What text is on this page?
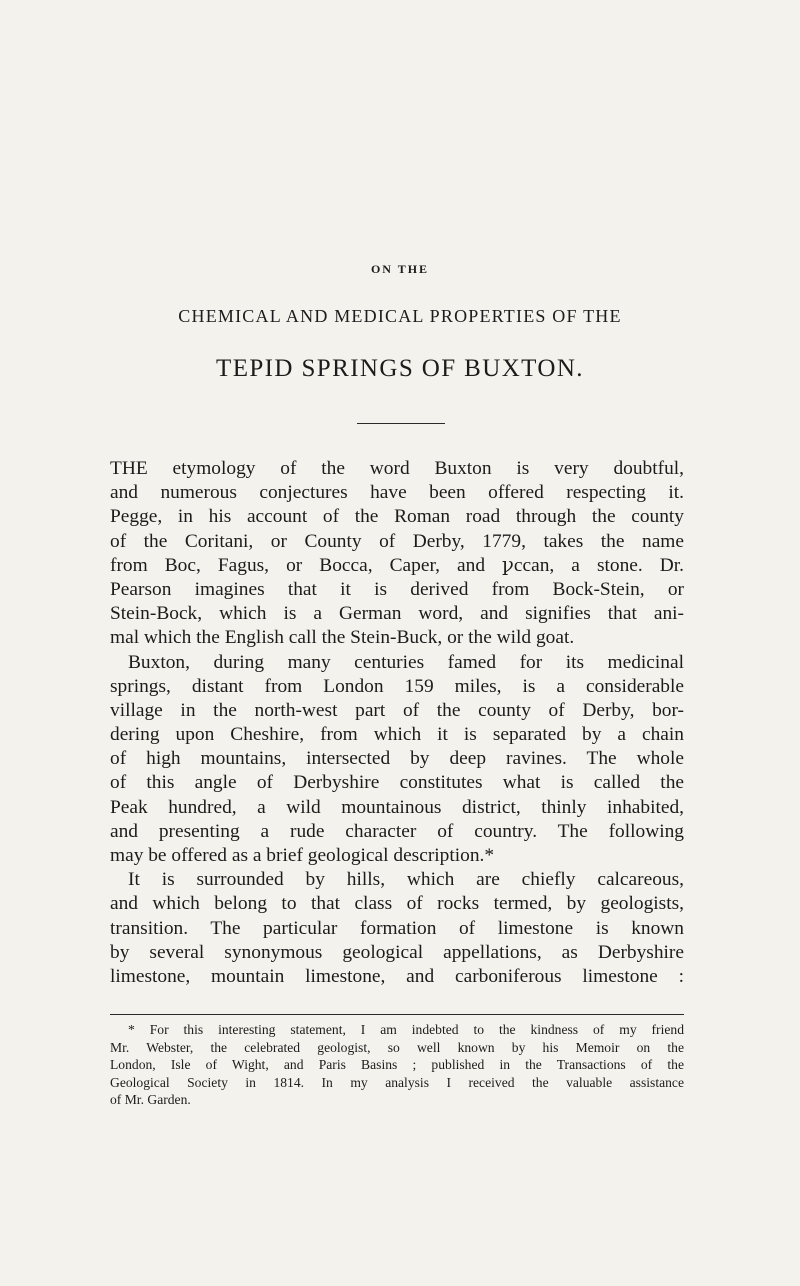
ON THE
CHEMICAL AND MEDICAL PROPERTIES OF THE
TEPID SPRINGS OF BUXTON.
THE etymology of the word Buxton is very doubtful,
and numerous conjectures have been offered respecting it.
Pegge, in his account of the Roman road through the county
of the Coritani, or County of Derby, 1779, takes the name
from Boc, Fagus, or Bocca, Caper, and ꝩccan, a stone. Dr.
Pearson imagines that it is derived from Bock-Stein, or
Stein-Bock, which is a German word, and signifies that ani-
mal which the English call the Stein-Buck, or the wild goat.
Buxton, during many centuries famed for its medicinal
springs, distant from London 159 miles, is a considerable
village in the north-west part of the county of Derby, bor-
dering upon Cheshire, from which it is separated by a chain
of high mountains, intersected by deep ravines. The whole
of this angle of Derbyshire constitutes what is called the
Peak hundred, a wild mountainous district, thinly inhabited,
and presenting a rude character of country. The following
may be offered as a brief geological description.*
It is surrounded by hills, which are chiefly calcareous,
and which belong to that class of rocks termed, by geologists,
transition. The particular formation of limestone is known
by several synonymous geological appellations, as Derbyshire
limestone, mountain limestone, and carboniferous limestone :
* For this interesting statement, I am indebted to the kindness of my friend
Mr. Webster, the celebrated geologist, so well known by his Memoir on the
London, Isle of Wight, and Paris Basins ; published in the Transactions of the
Geological Society in 1814. In my analysis I received the valuable assistance
of Mr. Garden.
